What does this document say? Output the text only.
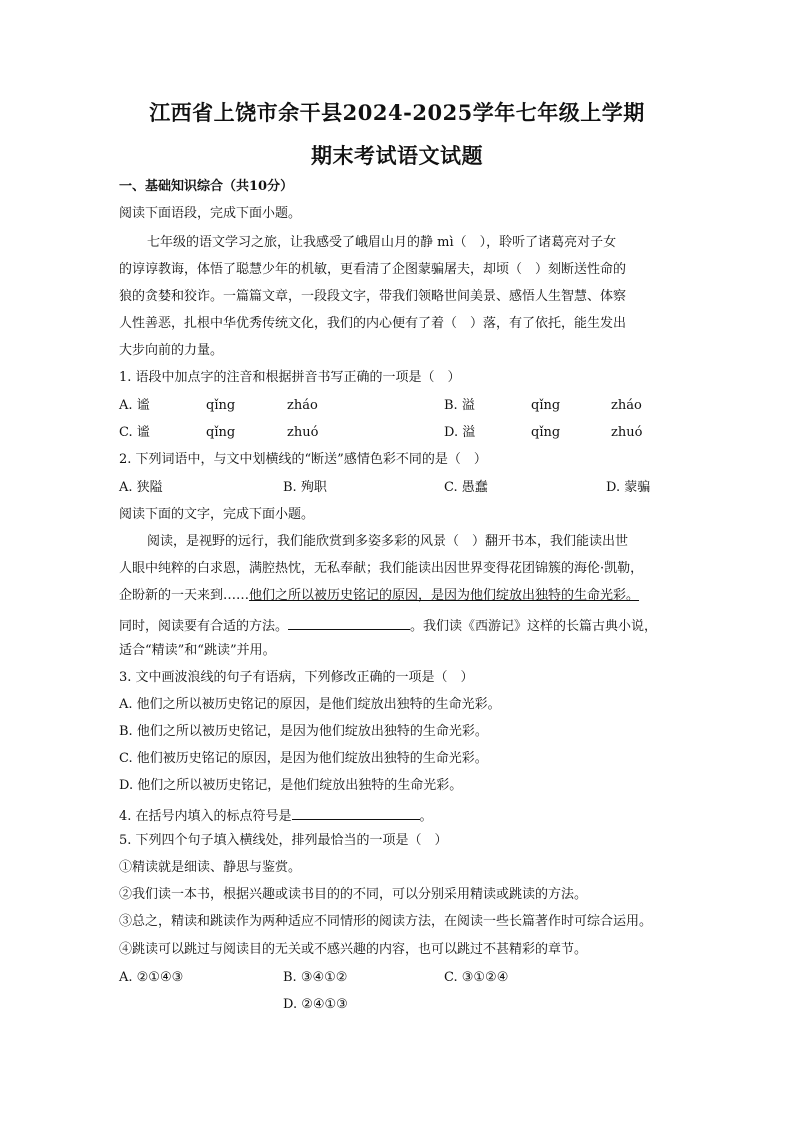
江西省上饶市余干县2024-2025学年七年级上学期
期末考试语文试题
一、基础知识综合（共10分）
阅读下面语段，完成下面小题。
七年级的语文学习之旅，让我感受了峨眉山月的静 mì（　），聆听了诸葛亮对子女
的谆谆教诲，体悟了聪慧少年的机敏，更看清了企图蒙骗屠夫，却顷（　）刻断送性命的
狼的贪婪和狡诈。一篇篇文章，一段段文字，带我们领略世间美景、感悟人生智慧、体察
人性善恶，扎根中华优秀传统文化，我们的内心便有了着（　）落，有了依托，能生发出
大步向前的力量。
1. 语段中加点字的注音和根据拼音书写正确的一项是（　）
A. 谧	qǐng	zháo	B. 溢	qǐng	zháo
C. 谧	qǐng	zhuó	D. 溢	qǐng	zhuó
2. 下列词语中，与文中划横线的“断送”感情色彩不同的是（　）
A. 狭隘	B. 殉职	C. 愚蠢	D. 蒙骗
阅读下面的文字，完成下面小题。
阅读，是视野的远行，我们能欣赏到多姿多彩的风景（　）翻开书本，我们能读出世
人眼中纯粹的白求恩，满腔热忱，无私奉献；我们能读出因世界变得花团锦簇的海伦·凯勒，
企盼新的一天来到……他们之所以被历史铭记的原因，是因为他们绽放出独特的生命光彩。
同时，阅读要有合适的方法。	。我们读《西游记》这样的长篇古典小说，
适合“精读”和“跳读”并用。
3. 文中画波浪线的句子有语病，下列修改正确的一项是（　）
A. 他们之所以被历史铭记的原因，是他们绽放出独特的生命光彩。
B. 他们之所以被历史铭记，是因为他们绽放出独特的生命光彩。
C. 他们被历史铭记的原因，是因为他们绽放出独特的生命光彩。
D. 他们之所以被历史铭记，是他们绽放出独特的生命光彩。
4. 在括号内填入的标点符号是	。
5. 下列四个句子填入横线处，排列最恰当的一项是（　）
①精读就是细读、静思与鉴赏。
②我们读一本书，根据兴趣或读书目的的不同，可以分别采用精读或跳读的方法。
③总之，精读和跳读作为两种适应不同情形的阅读方法，在阅读一些长篇著作时可综合运用。
④跳读可以跳过与阅读目的无关或不感兴趣的内容，也可以跳过不甚精彩的章节。
A. ②①④③	B. ③④①②	C. ③①②④
D. ②④①③
